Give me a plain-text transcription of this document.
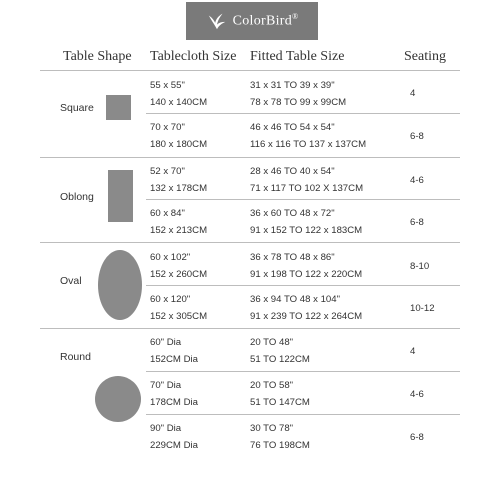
ColorBird®
Table Shape Tablecloth Size Fitted Table Size	Seating
Square
55 x 55"
140 x 140CM
31 x 31 TO 39 x 39"
78 x 78 TO 99 x 99CM
4
70 x 70"
180 x 180CM
46 x 46 TO 54 x 54"
116 x 116 TO 137 x 137CM
6-8
Oblong
52 x 70"
132 x 178CM
28 x 46 TO 40 x 54"
71 x 117 TO 102 X 137CM
4-6
60 x 84"
152 x 213CM
36 x 60 TO 48 x 72"
91 x 152 TO 122 x 183CM
6-8
Oval
60 x 102"
152 x 260CM
36 x 78 TO 48 x 86"
91 x 198 TO 122 x 220CM
8-10
60 x 120"
152 x 305CM
36 x 94 TO 48 x 104"
91 x 239 TO 122 x 264CM
10-12
Round
60" Dia
152CM Dia
20 TO 48"
51 TO 122CM
4
70" Dia
178CM Dia
20 TO 58"
51 TO 147CM
4-6
90" Dia
229CM Dia
30 TO 78"
76 TO 198CM
6-8
